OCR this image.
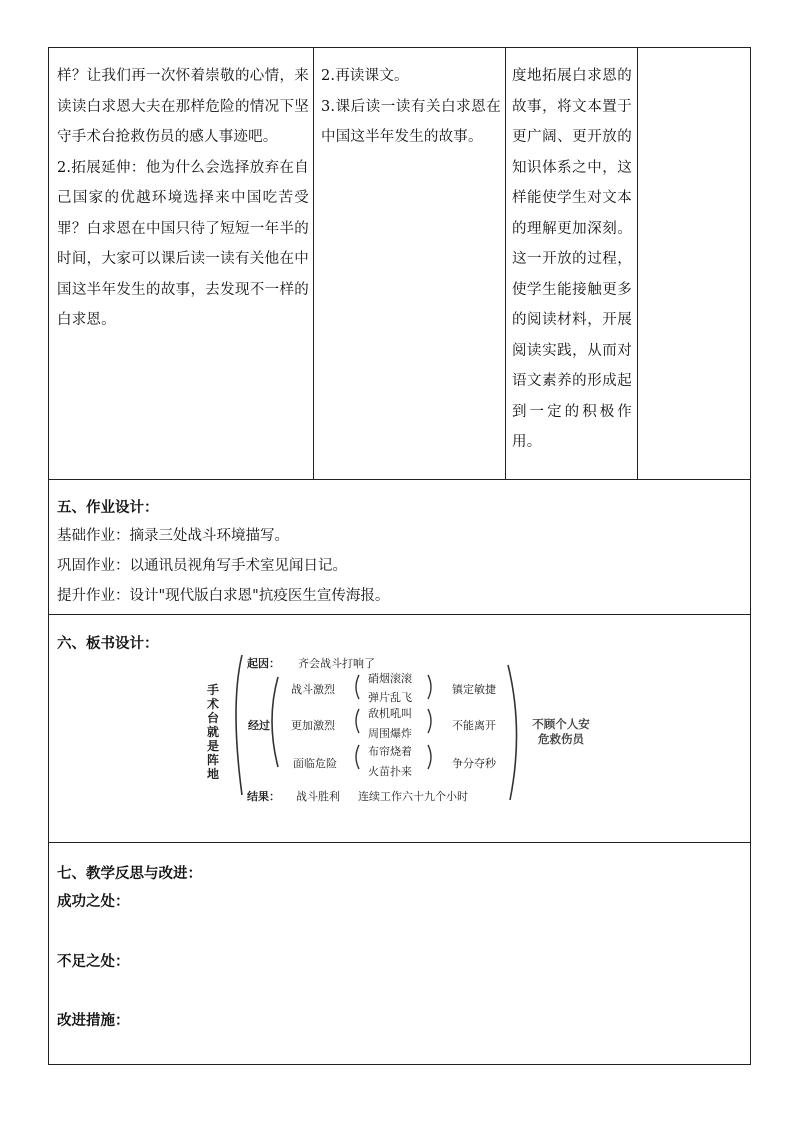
样？让我们再一次怀着崇敬的心情，来读读白求恩大夫在那样危险的情况下坚守手术台抢救伤员的感人事迹吧。

2.拓展延伸：他为什么会选择放弃在自己国家的优越环境选择来中国吃苦受罪？白求恩在中国只待了短短一年半的时间，大家可以课后读一读有关他在中国这半年发生的故事，去发现不一样的白求恩。

2.再读课文。

3.课后读一读有关白求恩在中国这半年发生的故事。

度地拓展白求恩的故事，将文本置于更广阔、更开放的知识体系之中，这样能使学生对文本的理解更加深刻。这一开放的过程，使学生能接触更多的阅读材料，开展阅读实践，从而对语文素养的形成起到一定的积极作用。

五、作业设计：
基础作业：摘录三处战斗环境描写。
巩固作业：以通讯员视角写手术室见闻日记。
提升作业：设计"现代版白求恩"抗疫医生宣传海报。
六、板书设计：
七、教学反思与改进：
成功之处：
不足之处：
改进措施：
手术台就是阵地
起因： 齐会战斗打响了
经过
战斗激烈
硝烟滚滚
弹片乱飞
镇定敏捷
更加激烈
敌机吼叫
周围爆炸
不能离开
面临危险
布帘烧着
火苗扑来
争分夺秒
结果： 战斗胜利 连续工作六十九个小时
不顾个人安危救伤员
